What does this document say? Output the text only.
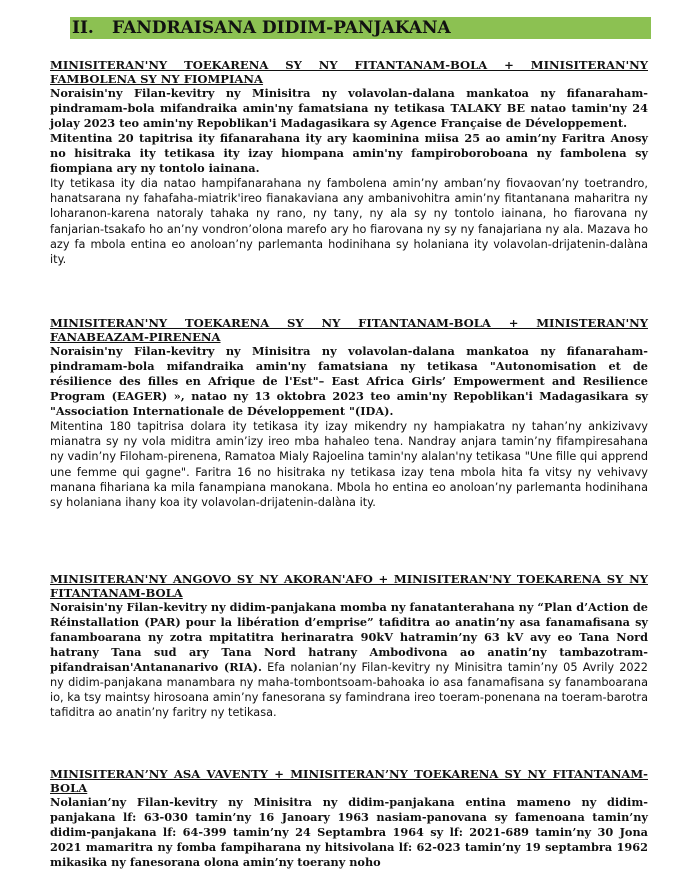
II. FANDRAISANA DIDIM-PANJAKANA

MINISITERAN'NY TOEKARENA SY NY FITANTANAM-BOLA + MINISITERAN'NY FAMBOLENA SY NY FIOMPIANA

Noraisin'ny Filan-kevitry ny Minisitra ny volavolan-dalana mankatoa ny fifanaraham-pindramam-bola mifandraika amin'ny famatsiana ny tetikasa TALAKY BE natao tamin'ny 24 jolay 2023 teo amin'ny Repoblikan'i Madagasikara sy Agence Française de Développement.

Mitentina 20 tapitrisa ity fifanarahana ity ary kaominina miisa 25 ao amin’ny Faritra Anosy no hisitraka ity tetikasa ity izay hiompana amin'ny fampiroboroboana ny fambolena sy fiompiana ary ny tontolo iainana.

Ity tetikasa ity dia natao hampifanarahana ny fambolena amin’ny amban’ny fiovaovan’ny toetrandro, hanatsarana ny fahafaha-miatrik'ireo fianakaviana any ambanivohitra amin’ny fitantanana maharitra ny loharanon-karena natoraly tahaka ny rano, ny tany, ny ala sy ny tontolo iainana, ho fiarovana ny fanjarian-tsakafo ho an’ny vondron’olona marefo ary ho fiarovana ny sy ny fanajariana ny ala. Mazava ho azy fa mbola entina eo anoloan’ny parlemanta hodinihana sy holaniana ity volavolan-drijatenin-dalàna ity.

MINISITERAN'NY TOEKARENA SY NY FITANTANAM-BOLA + MINISTERAN'NY FANABEAZAM-PIRENENA

Noraisin'ny Filan-kevitry ny Minisitra ny volavolan-dalana mankatoa ny fifanaraham-pindramam-bola mifandraika amin'ny famatsiana ny tetikasa "Autonomisation et de résilience des filles en Afrique de l'Est"– East Africa Girls’ Empowerment and Resilience Program (EAGER) », natao ny 13 oktobra 2023 teo amin'ny Repoblikan'i Madagasikara sy "Association Internationale de Développement "(IDA).

Mitentina 180 tapitrisa dolara ity tetikasa ity izay mikendry ny hampiakatra ny tahan’ny ankizivavy mianatra sy ny vola miditra amin’izy ireo mba hahaleo tena. Nandray anjara tamin’ny fifampiresahana ny vadin’ny Filoham-pirenena, Ramatoa Mialy Rajoelina tamin'ny alalan'ny tetikasa "Une fille qui apprend une femme qui gagne". Faritra 16 no hisitraka ny tetikasa izay tena mbola hita fa vitsy ny vehivavy manana fihariana ka mila fanampiana manokana. Mbola ho entina eo anoloan’ny parlemanta hodinihana sy holaniana ihany koa ity volavolan-drijatenin-dalàna ity.

MINISITERAN'NY ANGOVO SY NY AKORAN'AFO + MINISITERAN'NY TOEKARENA SY NY FITANTANAM-BOLA

Noraisin'ny Filan-kevitry ny didim-panjakana momba ny fanatanterahana ny “Plan d’Action de Réinstallation (PAR) pour la libération d’emprise” tafiditra ao anatin’ny asa fanamafisana sy fanamboarana ny zotra mpitatitra herinaratra 90kV hatramin’ny 63 kV avy eo Tana Nord hatrany Tana sud ary Tana Nord hatrany Ambodivona ao anatin’ny tambazotram-pifandraisan'Antananarivo (RIA). Efa nolanian’ny Filan-kevitry ny Minisitra tamin’ny 05 Avrily 2022 ny didim-panjakana manambara ny maha-tombontsoam-bahoaka io asa fanamafisana sy fanamboarana io, ka tsy maintsy hirosoana amin’ny fanesorana sy famindrana ireo toeram-ponenana na toeram-barotra tafiditra ao anatin’ny faritry ny tetikasa.

MINISITERAN’NY ASA VAVENTY + MINISITERAN’NY TOEKARENA SY NY FITANTANAM-BOLA

Nolanian’ny Filan-kevitry ny Minisitra ny didim-panjakana entina mameno ny didim-panjakana lf: 63-030 tamin’ny 16 Janoary 1963 nasiam-panovana sy famenoana tamin’ny didim-panjakana lf: 64-399 tamin’ny 24 Septambra 1964 sy lf: 2021-689 tamin’ny 30 Jona 2021 mamaritra ny fomba fampiharana ny hitsivolana lf: 62-023 tamin’ny 19 septambra 1962 mikasika ny fanesorana olona amin’ny toerany noho
